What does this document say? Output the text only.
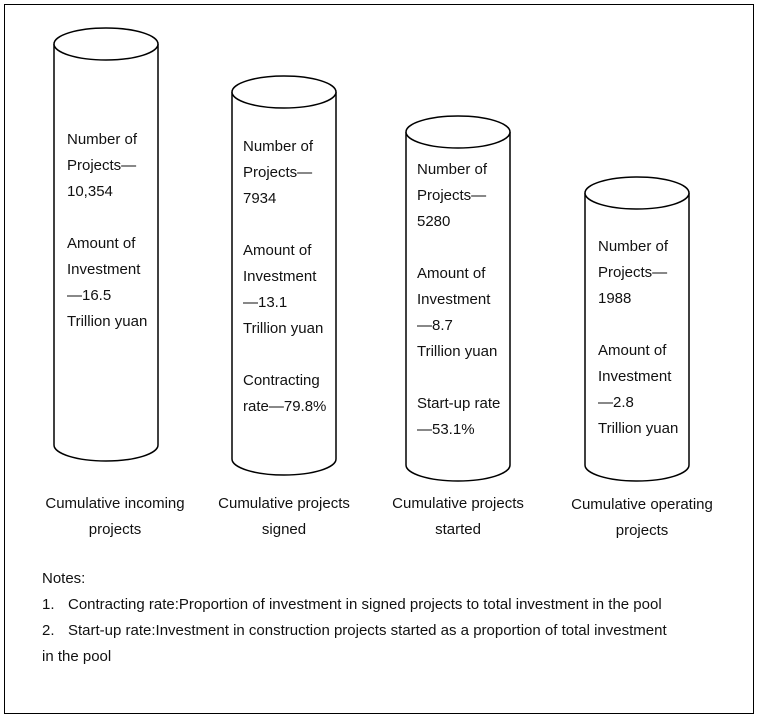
Number of
Projects—
10,354
Amount of
Investment
—16.5
Trillion yuan
Cumulative incoming
projects
Number of
Projects—
7934
Amount of
Investment
—13.1
Trillion yuan
Contracting
rate—79.8%
Cumulative projects
signed
Number of
Projects—
5280
Amount of
Investment
—8.7
Trillion yuan
Start-up rate
—53.1%
Cumulative projects
started
Number of
Projects—
1988
Amount of
Investment
—2.8
Trillion yuan
Cumulative operating
projects
Notes:
1. Contracting rate:Proportion of investment in signed projects to total investment in the pool
2. Start-up rate:Investment in construction projects started as a proportion of total investment
in the pool
